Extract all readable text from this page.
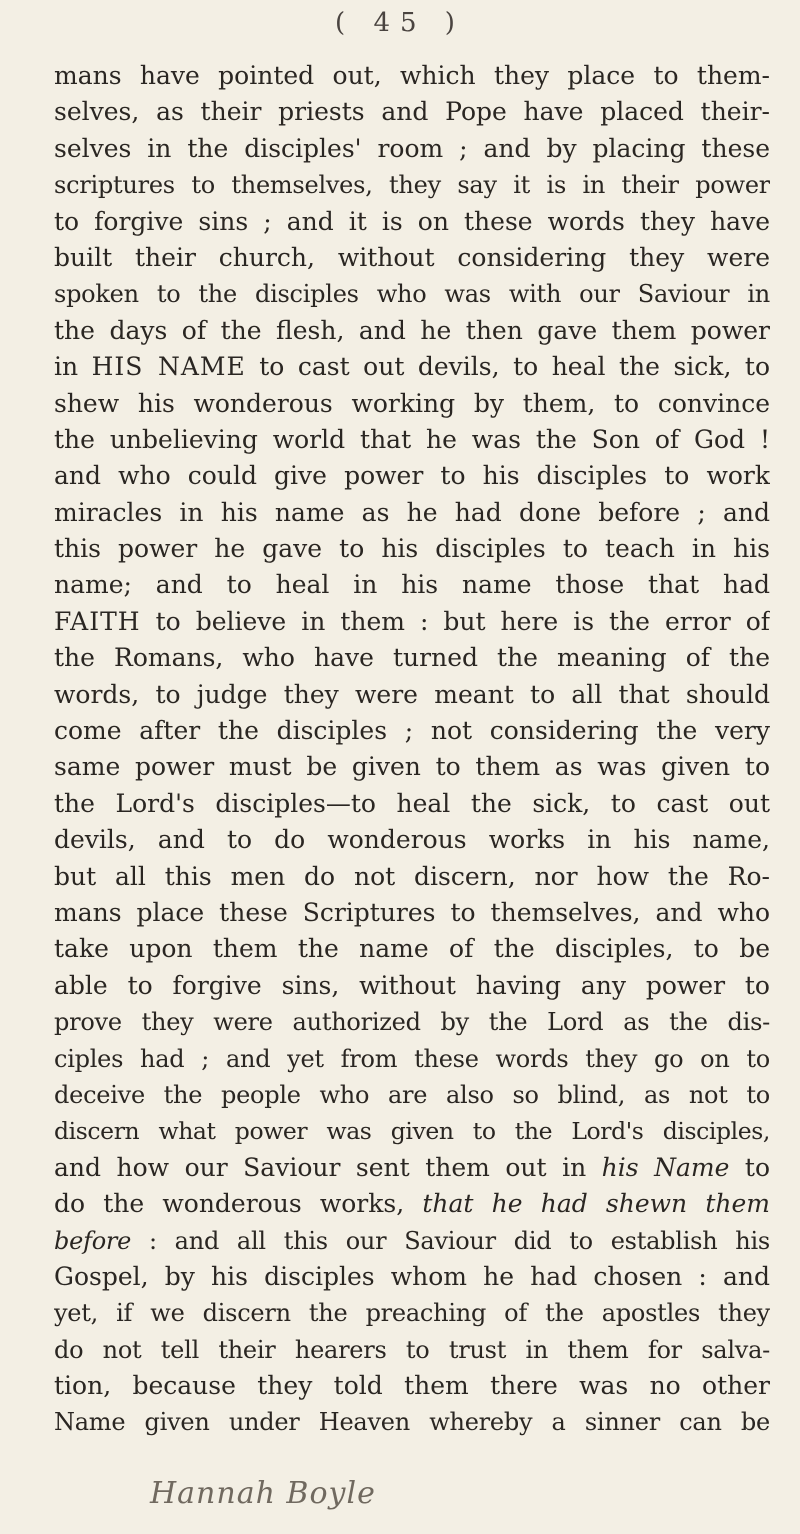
( 45 )
mans have pointed out, which they place to them-
selves, as their priests and Pope have placed their-
selves in the disciples' room ; and by placing these
scriptures to themselves, they say it is in their power
to forgive sins ; and it is on these words they have
built their church, without considering they were
spoken to the disciples who was with our Saviour in
the days of the flesh, and he then gave them power
in HIS NAME to cast out devils, to heal the sick, to
shew his wonderous working by them, to convince
the unbelieving world that he was the Son of God !
and who could give power to his disciples to work
miracles in his name as he had done before ; and
this power he gave to his disciples to teach in his
name; and to heal in his name those that had
FAITH to believe in them : but here is the error of
the Romans, who have turned the meaning of the
words, to judge they were meant to all that should
come after the disciples ; not considering the very
same power must be given to them as was given to
the Lord's disciples—to heal the sick, to cast out
devils, and to do wonderous works in his name,
but all this men do not discern, nor how the Ro-
mans place these Scriptures to themselves, and who
take upon them the name of the disciples, to be
able to forgive sins, without having any power to
prove they were authorized by the Lord as the dis-
ciples had ; and yet from these words they go on to
deceive the people who are also so blind, as not to
discern what power was given to the Lord's disciples,
and how our Saviour sent them out in his Name to
do the wonderous works, that he had shewn them
before : and all this our Saviour did to establish his
Gospel, by his disciples whom he had chosen : and
yet, if we discern the preaching of the apostles they
do not tell their hearers to trust in them for salva-
tion, because they told them there was no other
Name given under Heaven whereby a sinner can be
Hannah Boyle
